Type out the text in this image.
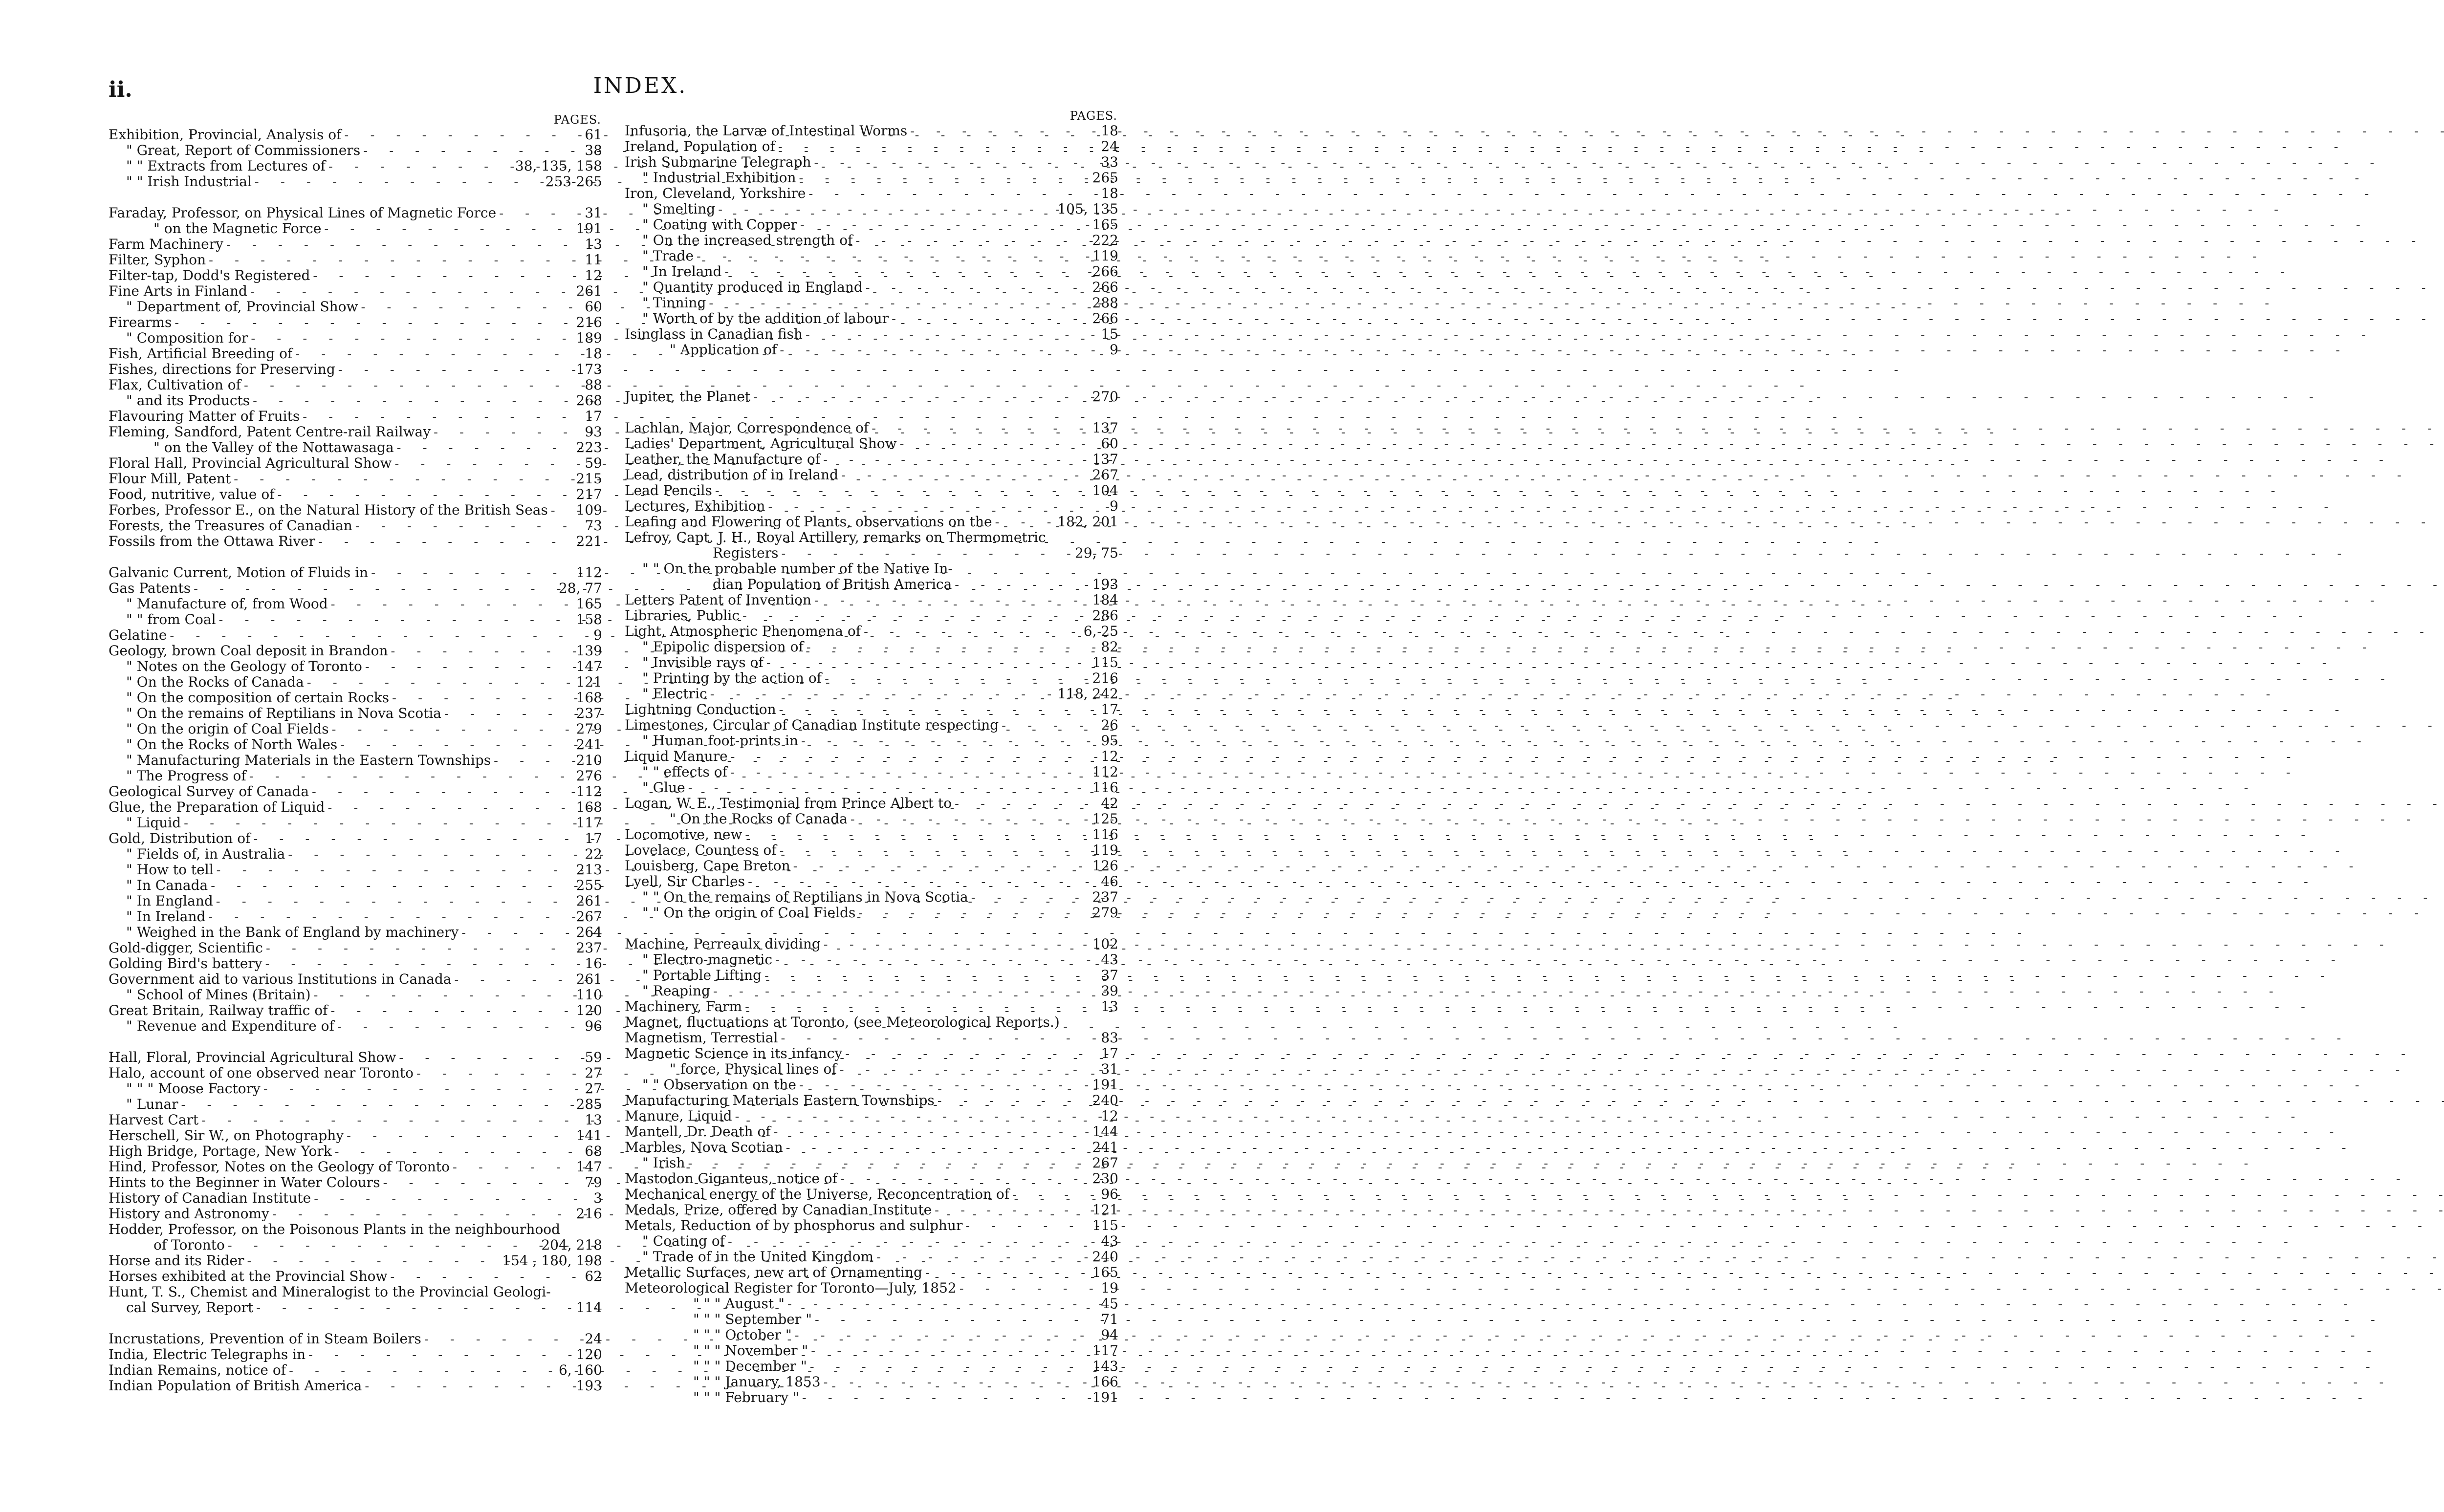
ii.	INDEX.
PAGES.
Exhibition, Provincial, Analysis of - - -	61
" Great, Report of Commissioners - - -	38
" " Extracts from Lectures of - - -	38, 135, 158
" " Irish Industrial - - -	253-265
Faraday, Professor, on Physical Lines of Magnetic Force - - -	31
" on the Magnetic Force - - -	191
Farm Machinery - - -	13
Filter, Syphon - - -	11
Filter-tap, Dodd's Registered - - -	12
Fine Arts in Finland - - -	261
" Department of, Provincial Show - - -	60
Firearms - - -	216
" Composition for - - -	189
Fish, Artificial Breeding of - - -	18
Fishes, directions for Preserving - - -	173
Flax, Cultivation of - - -	88
" and its Products - - -	268
Flavouring Matter of Fruits - - -	17
Fleming, Sandford, Patent Centre-rail Railway - - -	93
" on the Valley of the Nottawasaga - - -	223
Floral Hall, Provincial Agricultural Show - - -	59
Flour Mill, Patent - - -	215
Food, nutritive, value of - - -	217
Forbes, Professor E., on the Natural History of the British Seas - - - 109
Forests, the Treasures of Canadian - - -	73
Fossils from the Ottawa River - - -	221
Galvanic Current, Motion of Fluids in - - -	112
Gas Patents - - -	28, 77
" Manufacture of, from Wood - - -	165
" " from Coal - - -	158
Gelatine - - -	9
Geology, brown Coal deposit in Brandon - - -	139
" Notes on the Geology of Toronto - - -	147
" On the Rocks of Canada - - -	121
" On the composition of certain Rocks - - -	168
" On the remains of Reptilians in Nova Scotia - - -	237
" On the origin of Coal Fields - - -	279
" On the Rocks of North Wales - - -	241
" Manufacturing Materials in the Eastern Townships - - -	210
" The Progress of - - -	276
Geological Survey of Canada - - -	112
Glue, the Preparation of Liquid - - -	168
" Liquid - - -	117
Gold, Distribution of - - -	17
" Fields of, in Australia - - -	22
" How to tell - - -	213
" In Canada - - -	255
" In England - - -	261
" In Ireland - - -	267
" Weighed in the Bank of England by machinery - - -	264
Gold-digger, Scientific - - -	237
Golding Bird's battery - - -	16
Government aid to various Institutions in Canada - - -	261
" School of Mines (Britain) - - -	110
Great Britain, Railway traffic of - - -	120
" Revenue and Expenditure of - - -	96
Hall, Floral, Provincial Agricultural Show - - -	59
Halo, account of one observed near Toronto - - -	27
" " " Moose Factory - - -	27
" Lunar - - -	285
Harvest Cart - - -	13
Herschell, Sir W., on Photography - - -	141
High Bridge, Portage, New York - - -	68
Hind, Professor, Notes on the Geology of Toronto - - -	147
Hints to the Beginner in Water Colours - - -	79
History of Canadian Institute - - -	3
History and Astronomy - - -	216
Hodder, Professor, on the Poisonous Plants in the neighbourhood
of Toronto - - -	204, 218
Horse and its Rider - - -	154 , 180, 198
Horses exhibited at the Provincial Show - - -	62
Hunt, T. S., Chemist and Mineralogist to the Provincial Geologi-
cal Survey, Report - - -	114
Incrustations, Prevention of in Steam Boilers - - -	24
India, Electric Telegraphs in - - -	120
Indian Remains, notice of - - -	6, 160
Indian Population of British America - - -	193
PAGES.
Infusoria, the Larvæ of Intestinal Worms - - -	18
Ireland, Population of - - -	24
Irish Submarine Telegraph - - -	33
" Industrial Exhibition - - -	265
Iron, Cleveland, Yorkshire - - -	18
" Smelting - - -	105, 135
" Coating with Copper - - -	165
" On the increased strength of - - -	222
" Trade - - -	119
" In Ireland - - -	266
" Quantity produced in England - - -	266
" Tinning - - -	288
" Worth of by the addition of labour - - -	266
Isinglass in Canadian fish - - -	15
" Application of - - -	9
Jupiter, the Planet - - -	270
Lachlan, Major, Correspondence of - - -	137
Ladies' Department, Agricultural Show - - -	60
Leather, the Manufacture of - - -	137
Lead, distribution of in Ireland - - -	267
Lead Pencils - - -	104
Lectures, Exhibition - - -	9
Leafing and Flowering of Plants, observations on the - - -	182, 201
Lefroy, Capt. J. H., Royal Artillery, remarks on Thermometric
Registers - - -	29, 75
" " On the probable number of the Native In-
dian Population of British America - - -	193
Letters Patent of Invention - - -	184
Libraries, Public - - -	286
Light, Atmospheric Phenomena of - - -	6, 25
" Epipolic dispersion of - - -	82
" Invisible rays of - - -	115
" Printing by the action of - - -	216
" Electric - - -	118, 242
Lightning Conduction - - -	17
Limestones, Circular of Canadian Institute respecting - - -	26
" Human foot-prints in - - -	95
Liquid Manure - - -	12
" " effects of - - -	112
" Glue - - -	116
Logan, W. E., Testimonial from Prince Albert to - - -	42
" On the Rocks of Canada - - -	125
Locomotive, new - - -	116
Lovelace, Countess of - - -	119
Louisberg, Cape Breton - - -	126
Lyell, Sir Charles - - -	46
" " On the remains of Reptilians in Nova Scotia - - -	237
" " On the origin of Coal Fields - - -	279
Machine, Perreaulx dividing - - -	102
" Electro-magnetic - - -	43
" Portable Lifting - - -	37
" Reaping - - -	39
Machinery, Farm - - -	13
Magnet, fluctuations at Toronto, (see Meteorological Reports.)
Magnetism, Terrestial - - -	83
Magnetic Science in its infancy - - -	17
" force, Physical lines of - - -	31
" " Observation on the - - -	191
Manufacturing Materials Eastern Townships - - -	240
Manure, Liquid - - -	12
Mantell, Dr. Death of - - -	144
Marbles, Nova Scotian - - -	241
" Irish - - -	267
Mastodon Giganteus, notice of - - -	230
Mechanical energy of the Universe, Reconcentration of - - -	96
Medals, Prize, offered by Canadian Institute - - -	121
Metals, Reduction of by phosphorus and sulphur - - -	115
" Coating of - - -	43
" Trade of in the United Kingdom - - -	240
Metallic Surfaces, new art of Ornamenting - - -	165
Meteorological Register for Toronto—July, 1852 - - -	19
" " " August " - - -	45
" " " September " - - -	71
" " " October " - - -	94
" " " November " - - -	117
" " " December " - - -	143
" " " January, 1853 - - -	166
" " " February " - - -	191
